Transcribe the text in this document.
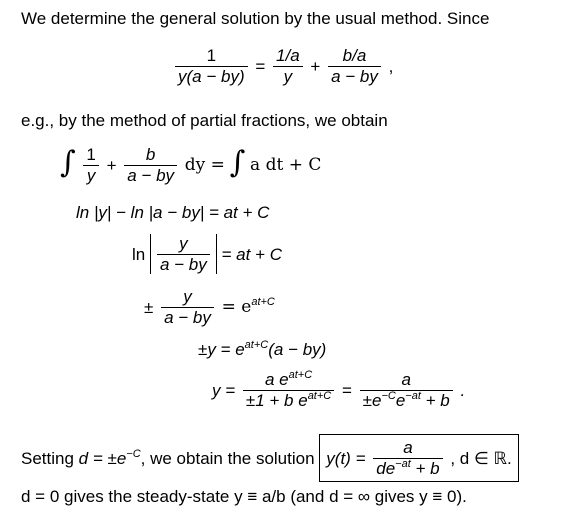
We determine the general solution by the usual method. Since
$\frac{1}{y(a - by)} = \frac{1/a}{y} + \frac{b/a}{a - by}$ ,
e.g., by the method of partial fractions, we obtain
∫ $\frac{1}{y} + \frac{b}{a - by}$ dy = ∫ a dt + C
ln |y| − ln |a − by| = at + C
$\ln \frac{y}{a - by}$ = at + C
± $\frac{y}{a - by} = e^{at+C}$
$\pm y = e^{at+C}(a - by)$
$y = \frac{a e^{at+C}}{\pm 1 + b e^{at+C}} = \frac{a}{\pm e^{-C}e^{-at} + b}$ .
Setting $d = \pm e^{-C}$, we obtain the solution $y(t) = \frac{a}{de^{-at} + b}$ , d ∈ ℝ.
d = 0 gives the steady-state y ≡ a/b (and d = ∞ gives y ≡ 0).
